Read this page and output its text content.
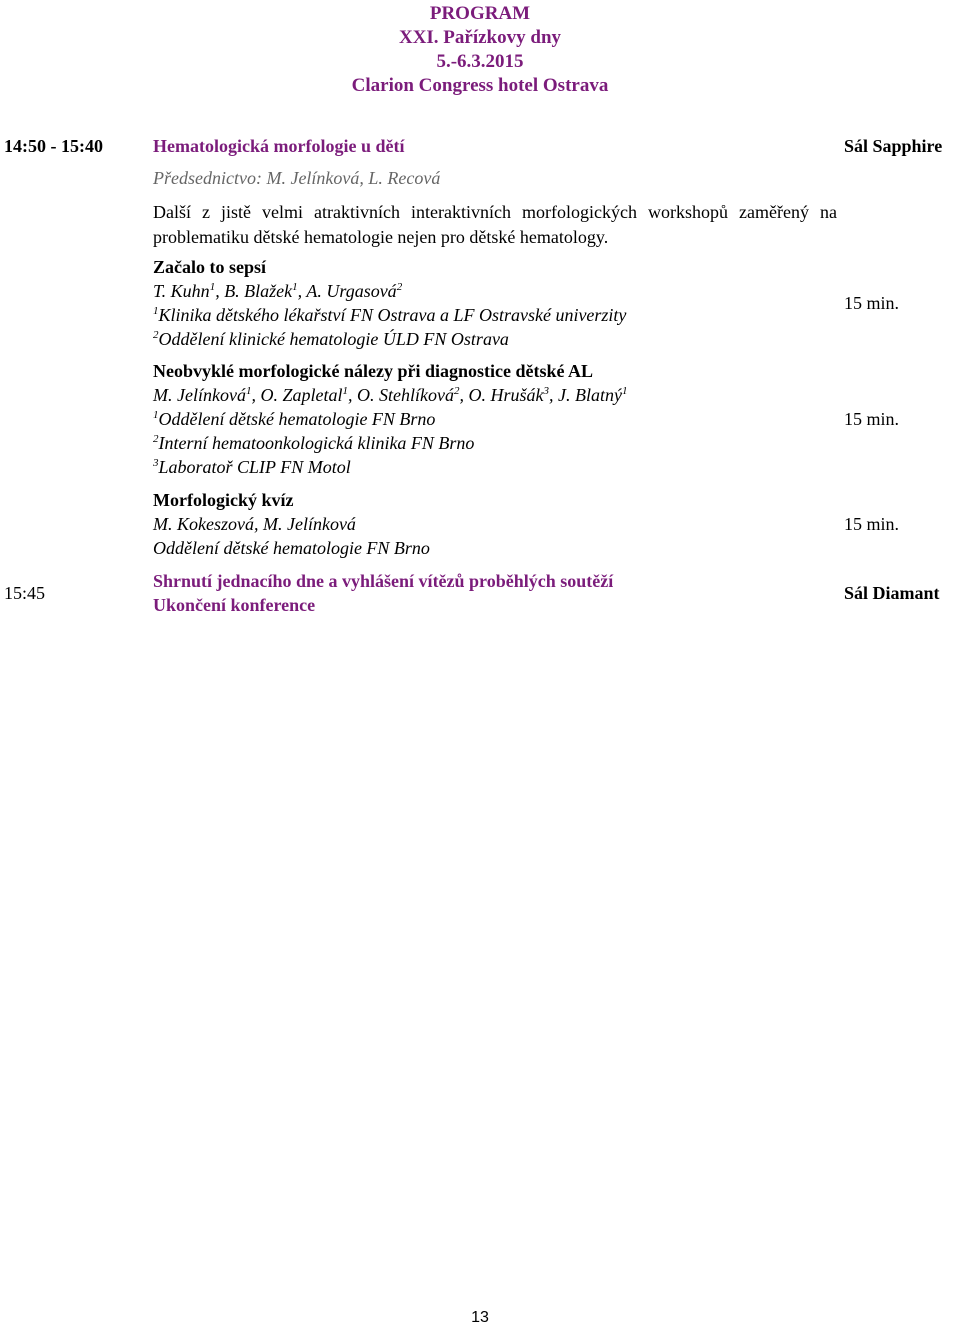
PROGRAM
XXI. Pařízkovy dny
5.-6.3.2015
Clarion Congress hotel Ostrava
14:50 - 15:40	Hematologická morfologie u dětí	Sál Sapphire
Předsednictvo: M. Jelínková, L. Recová
Další z jistě velmi atraktivních interaktivních morfologických workshopů zaměřený na problematiku dětské hematologie nejen pro dětské hematology.
Začalo to sepsí
T. Kuhn$^1$, B. Blažek$^1$, A. Urgasová$^2$
$^1$Klinika dětského lékařství FN Ostrava a LF Ostravské univerzity
$^2$Oddělení klinické hematologie ÚLD FN Ostrava
15 min.
Neobvyklé morfologické nálezy při diagnostice dětské AL
M. Jelínková$^1$, O. Zapletal$^1$, O. Stehlíková$^2$, O. Hrušák$^3$, J. Blatný$^1$
$^1$Oddělení dětské hematologie FN Brno
$^2$Interní hematoonkologická klinika FN Brno
$^3$Laboratoř CLIP FN Motol
15 min.
Morfologický kvíz
M. Kokeszová, M. Jelínková
Oddělení dětské hematologie FN Brno
15 min.
15:45
Shrnutí jednacího dne a vyhlášení vítězů proběhlých soutěží
Ukončení konference
Sál Diamant
13
